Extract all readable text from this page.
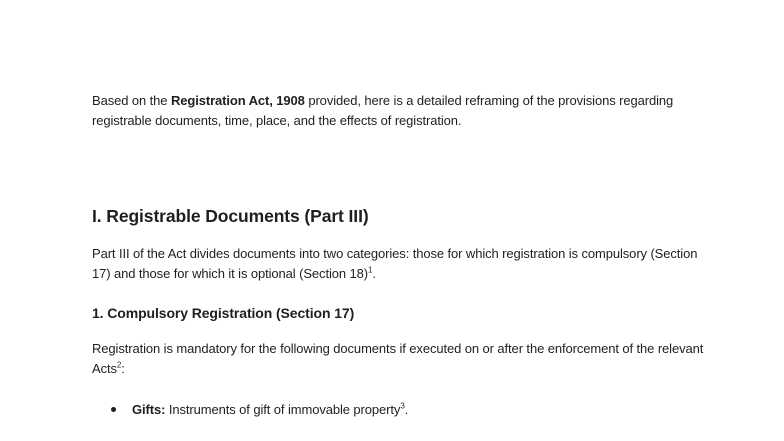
Based on the Registration Act, 1908 provided, here is a detailed reframing of the provisions regarding registrable documents, time, place, and the effects of registration.

I. Registrable Documents (Part III)

Part III of the Act divides documents into two categories: those for which registration is compulsory (Section 17) and those for which it is optional (Section 18)$^1$.

1. Compulsory Registration (Section 17)

Registration is mandatory for the following documents if executed on or after the enforcement of the relevant Acts$^2$:

Gifts: Instruments of gift of immovable property$^3$.
